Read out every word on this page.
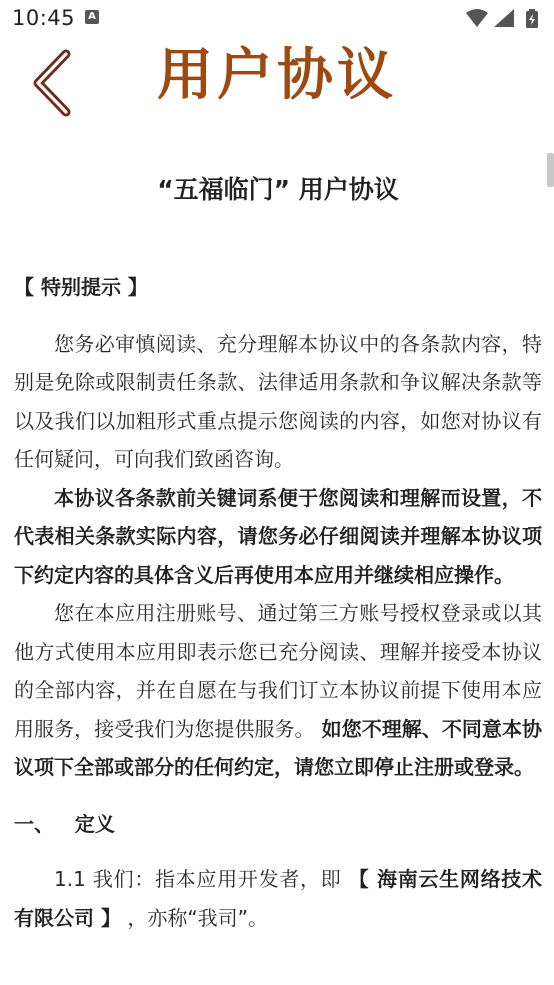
10:45	A
用户协议

“五福临门” 用户协议

【 特别提示 】

您务必审慎阅读、充分理解本协议中的各条款内容，特别是免除或限制责任条款、法律适用条款和争议解决条款等以及我们以加粗形式重点提示您阅读的内容，如您对协议有任何疑问，可向我们致函咨询。

本协议各条款前关键词系便于您阅读和理解而设置，不代表相关条款实际内容，请您务必仔细阅读并理解本协议项下约定内容的具体含义后再使用本应用并继续相应操作。

您在本应用注册账号、通过第三方账号授权登录或以其他方式使用本应用即表示您已充分阅读、理解并接受本协议的全部内容，并在自愿在与我们订立本协议前提下使用本应用服务，接受我们为您提供服务。 如您不理解、不同意本协议项下全部或部分的任何约定，请您立即停止注册或登录。

一、   定义

1.1 我们：指本应用开发者，即 【 海南云生网络技术有限公司 】 ，亦称“我司”。
